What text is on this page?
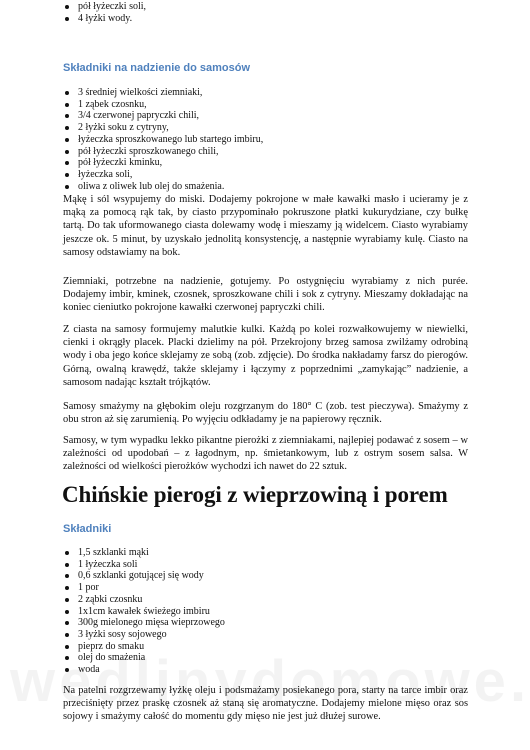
pół łyżeczki soli,
4 łyżki wody.
Składniki na nadzienie do samosów
3 średniej wielkości ziemniaki,
1 ząbek czosnku,
3/4 czerwonej papryczki chili,
2 łyżki soku z cytryny,
łyżeczka sproszkowanego lub startego imbiru,
pół łyżeczki sproszkowanego chili,
pół łyżeczki kminku,
łyżeczka soli,
oliwa z oliwek lub olej do smażenia.

Mąkę i sól wsypujemy do miski. Dodajemy pokrojone w małe kawałki masło i ucieramy je z mąką za pomocą rąk tak, by ciasto przypominało pokruszone płatki kukurydziane, czy bułkę tartą. Do tak uformowanego ciasta dolewamy wodę i mieszamy ją widelcem. Ciasto wyrabiamy jeszcze ok. 5 minut, by uzyskało jednolitą konsystencję, a następnie wyrabiamy kulę. Ciasto na samosy odstawiamy na bok.

Ziemniaki, potrzebne na nadzienie, gotujemy. Po ostygnięciu wyrabiamy z nich purée. Dodajemy imbir, kminek, czosnek, sproszkowane chili i sok z cytryny. Mieszamy dokładając na koniec cieniutko pokrojone kawałki czerwonej papryczki chili.

Z ciasta na samosy formujemy malutkie kulki. Każdą po kolei rozwałkowujemy w niewielki, cienki i okrągły placek. Placki dzielimy na pół. Przekrojony brzeg samosa zwilżamy odrobiną wody i oba jego końce sklejamy ze sobą (zob. zdjęcie). Do środka nakładamy farsz do pierogów. Górną, owalną krawędź, także sklejamy i łączymy z poprzednimi „zamykając” nadzienie, a samosom nadając kształt trójkątów.

Samosy smażymy na głębokim oleju rozgrzanym do 180° C (zob. test pieczywa). Smażymy z obu stron aż się zarumienią. Po wyjęciu odkładamy je na papierowy ręcznik.

Samosy, w tym wypadku lekko pikantne pierożki z ziemniakami, najlepiej podawać z sosem – w zależności od upodobań – z łagodnym, np. śmietankowym, lub z ostrym sosem salsa. W zależności od wielkości pierożków wychodzi ich nawet do 22 sztuk.

Chińskie pierogi z wieprzowiną i porem
Składniki
1,5 szklanki mąki
1 łyżeczka soli
0,6 szklanki gotującej się wody
1 por
2 ząbki czosnku
1x1cm kawałek świeżego imbiru
300g mielonego mięsa wieprzowego
3 łyżki sosy sojowego
pieprz do smaku
olej do smażenia
woda

Na patelni rozgrzewamy łyżkę oleju i podsmażamy posiekanego pora, starty na tarce imbir oraz przeciśnięty przez praskę czosnek aż staną się aromatyczne. Dodajemy mielone mięso oraz sos sojowy i smażymy całość do momentu gdy mięso nie jest już dłużej surowe.
